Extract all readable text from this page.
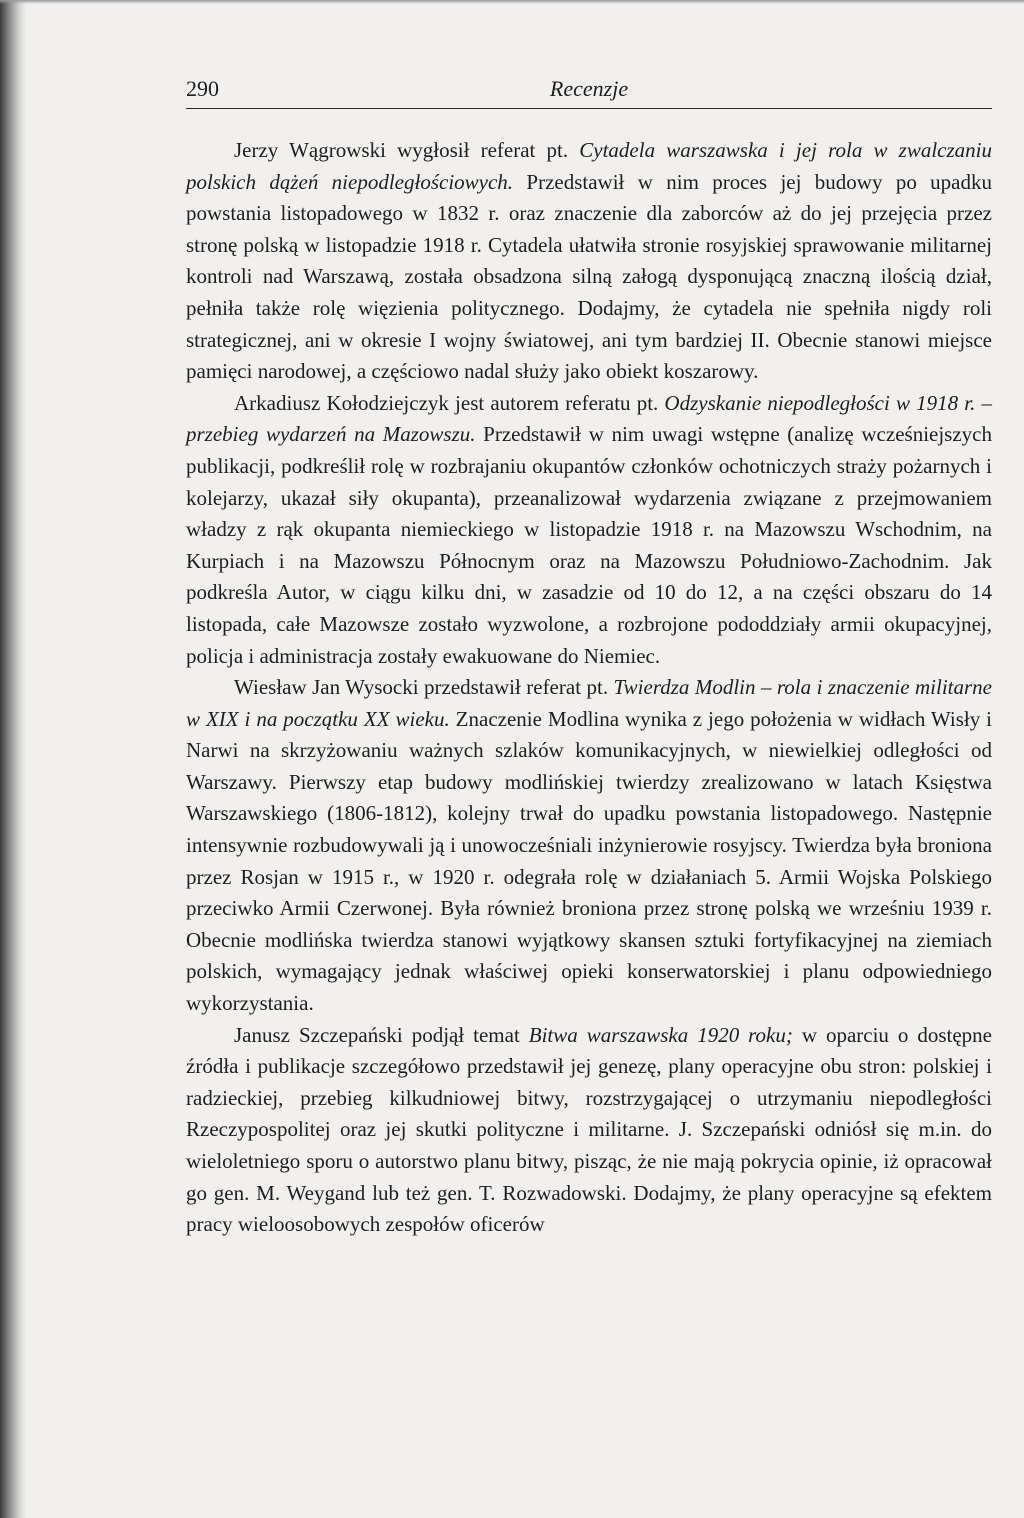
290	Recenzje

Jerzy Wągrowski wygłosił referat pt. Cytadela warszawska i jej rola w zwalczaniu polskich dążeń niepodległościowych. Przedstawił w nim proces jej budowy po upadku powstania listopadowego w 1832 r. oraz znaczenie dla zaborców aż do jej przejęcia przez stronę polską w listopadzie 1918 r. Cytadela ułatwiła stronie rosyjskiej sprawowanie militarnej kontroli nad Warszawą, została obsadzona silną załogą dysponującą znaczną ilością dział, pełniła także rolę więzienia politycznego. Dodajmy, że cytadela nie spełniła nigdy roli strategicznej, ani w okresie I wojny światowej, ani tym bardziej II. Obecnie stanowi miejsce pamięci narodowej, a częściowo nadal służy jako obiekt koszarowy.

Arkadiusz Kołodziejczyk jest autorem referatu pt. Odzyskanie niepodległości w 1918 r. – przebieg wydarzeń na Mazowszu. Przedstawił w nim uwagi wstępne (analizę wcześniejszych publikacji, podkreślił rolę w rozbrajaniu okupantów członków ochotniczych straży pożarnych i kolejarzy, ukazał siły okupanta), przeanalizował wydarzenia związane z przejmowaniem władzy z rąk okupanta niemieckiego w listopadzie 1918 r. na Mazowszu Wschodnim, na Kurpiach i na Mazowszu Północnym oraz na Mazowszu Południowo-Zachodnim. Jak podkreśla Autor, w ciągu kilku dni, w zasadzie od 10 do 12, a na części obszaru do 14 listopada, całe Mazowsze zostało wyzwolone, a rozbrojone pododdziały armii okupacyjnej, policja i administracja zostały ewakuowane do Niemiec.

Wiesław Jan Wysocki przedstawił referat pt. Twierdza Modlin – rola i znaczenie militarne w XIX i na początku XX wieku. Znaczenie Modlina wynika z jego położenia w widłach Wisły i Narwi na skrzyżowaniu ważnych szlaków komunikacyjnych, w niewielkiej odległości od Warszawy. Pierwszy etap budowy modlińskiej twierdzy zrealizowano w latach Księstwa Warszawskiego (1806-1812), kolejny trwał do upadku powstania listopadowego. Następnie intensywnie rozbudowywali ją i unowocześniali inżynierowie rosyjscy. Twierdza była broniona przez Rosjan w 1915 r., w 1920 r. odegrała rolę w działaniach 5. Armii Wojska Polskiego przeciwko Armii Czerwonej. Była również broniona przez stronę polską we wrześniu 1939 r. Obecnie modlińska twierdza stanowi wyjątkowy skansen sztuki fortyfikacyjnej na ziemiach polskich, wymagający jednak właściwej opieki konserwatorskiej i planu odpowiedniego wykorzystania.

Janusz Szczepański podjął temat Bitwa warszawska 1920 roku; w oparciu o dostępne źródła i publikacje szczegółowo przedstawił jej genezę, plany operacyjne obu stron: polskiej i radzieckiej, przebieg kilkudniowej bitwy, rozstrzygającej o utrzymaniu niepodległości Rzeczypospolitej oraz jej skutki polityczne i militarne. J. Szczepański odniósł się m.in. do wieloletniego sporu o autorstwo planu bitwy, pisząc, że nie mają pokrycia opinie, iż opracował go gen. M. Weygand lub też gen. T. Rozwadowski. Dodajmy, że plany operacyjne są efektem pracy wieloosobowych zespołów oficerów
